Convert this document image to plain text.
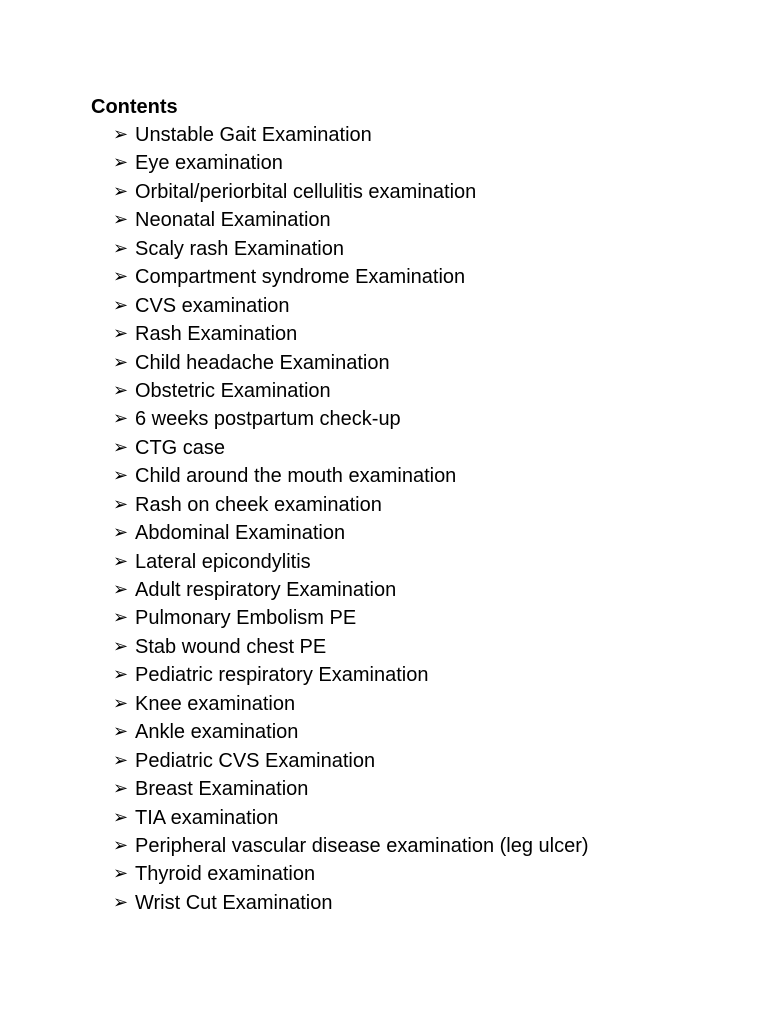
Contents
➢ Unstable Gait Examination
➢ Eye examination
➢ Orbital/periorbital cellulitis examination
➢ Neonatal Examination
➢ Scaly rash Examination
➢ Compartment syndrome Examination
➢ CVS examination
➢ Rash Examination
➢ Child headache Examination
➢ Obstetric Examination
➢ 6 weeks postpartum check-up
➢ CTG case
➢ Child around the mouth examination
➢ Rash on cheek examination
➢ Abdominal Examination
➢ Lateral epicondylitis
➢ Adult respiratory Examination
➢ Pulmonary Embolism PE
➢ Stab wound chest PE
➢ Pediatric respiratory Examination
➢ Knee examination
➢ Ankle examination
➢ Pediatric CVS Examination
➢ Breast Examination
➢ TIA examination
➢ Peripheral vascular disease examination (leg ulcer)
➢ Thyroid examination
➢ Wrist Cut Examination
